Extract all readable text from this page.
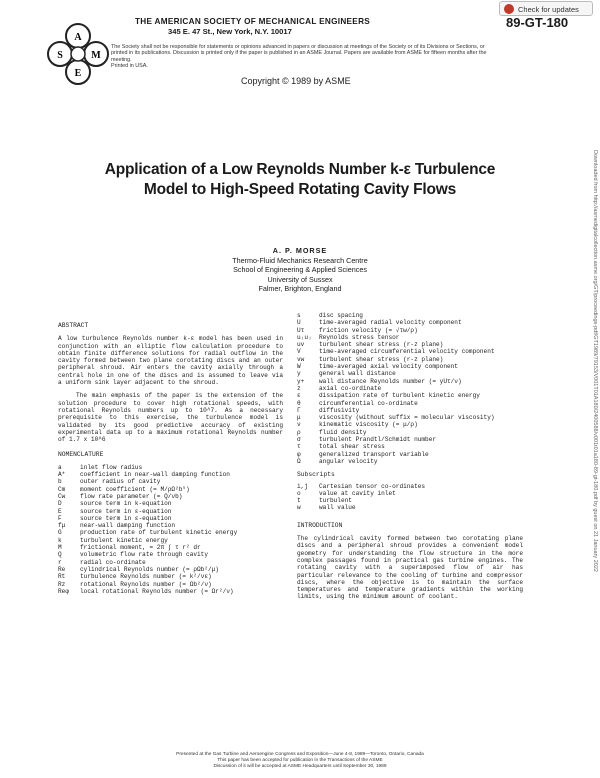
Check for updates
A
S	M
E
THE AMERICAN SOCIETY OF MECHANICAL ENGINEERS
345 E. 47 St., New York, N.Y. 10017
89-GT-180
The Society shall not be responsible for statements or opinions advanced in papers or discussion at meetings of the Society or of its Divisions or Sections, or printed in its publications. Discussion is printed only if the paper is published in an ASME Journal. Papers are available from ASME for fifteen months after the meeting.
Printed in USA.
Copyright © 1989 by ASME
Application of a Low Reynolds Number k-ε Turbulence
Model to High-Speed Rotating Cavity Flows
A. P. MORSE
Thermo-Fluid Mechanics Research Centre
School of Engineering & Applied Sciences
University of Sussex
Falmer, Brighton, England
ABSTRACT
A low turbulence Reynolds number k-ε model has been used in conjunction with an elliptic flow calculation procedure to obtain finite difference solutions for radial outflow in the cavity formed between two plane corotating discs and an outer peripheral shroud. Air enters the cavity axially through a central hole in one of the discs and is assumed to leave via a uniform sink layer adjacent to the shroud.
The main emphasis of the paper is the extension of the solution procedure to cover high rotational speeds, with rotational Reynolds numbers up to 10^7. As a necessary prerequisite to this exercise, the turbulence model is validated by its good predictive accuracy of existing experimental data up to a maximum rotational Reynolds number of 1.7 x 10^6
NOMENCLATURE
a	inlet flow radius
A*	coefficient in near-wall damping function
b	outer radius of cavity
Cm	moment coefficient (= M/ρΩ²b⁵)
Cw	flow rate parameter (= Q/νb)
D	source term in k-equation
E	source term in ε-equation
F	source term in ε-equation
fμ	near-wall damping function
G	production rate of turbulent kinetic energy
k	turbulent kinetic energy
M	frictional moment, = 2π ∫ τ r² dr
Q	volumetric flow rate through cavity
r	radial co-ordinate
Re	cylindrical Reynolds number (= ρΩb²/μ)
Rt	turbulence Reynolds number (= k²/νε)
Rz	rotational Reynolds number (= Ωb²/ν)
Reφ	local rotational Reynolds number (= Ωr²/ν)
s	disc spacing
U	time-averaged radial velocity component
Uτ	friction velocity (= √τw/ρ)
uᵢuⱼ	Reynolds stress tensor
uv	turbulent shear stress (r-z plane)
V	time-averaged circumferential velocity component
vw	turbulent shear stress (r-z plane)
W	time-averaged axial velocity component
y	general wall distance
y+	wall distance Reynolds number (= yUτ/ν)
z	axial co-ordinate
ε	dissipation rate of turbulent kinetic energy
θ	circumferential co-ordinate
Γ	diffusivity
μ	viscosity (without suffix = molecular viscosity)
ν	kinematic viscosity (= μ/ρ)
ρ	fluid density
σ	turbulent Prandtl/Schmidt number
τ	total shear stress
φ	generalized transport variable
Ω	angular velocity
Subscripts
i,j	Cartesian tensor co-ordinates
o	value at cavity inlet
t	turbulent
w	wall value
INTRODUCTION
The cylindrical cavity formed between two corotating plane discs and a peripheral shroud provides a convenient model geometry for understanding the flow structure in the more complex passages found in practical gas turbine engines. The rotating cavity with a superimposed flow of air has particular relevance to the cooling of turbine and compressor discs, where the objective is to maintain the surface temperatures and temperature gradients within the working limits, using the minimum amount of coolant.
Downloaded from http://asmedigitalcollection.asme.org/GT/proceedings-pdf/GT1989/79153/V001T01A180/2400588/v001t01a180-89-gt-180.pdf by guest on 21 January 2022
Presented at the Gas Turbine and Aeroengine Congress and Exposition—June 4-8, 1989—Toronto, Ontario, Canada
This paper has been accepted for publication in the Transactions of the ASME
Discussion of it will be accepted at ASME Headquarters until September 30, 1989
